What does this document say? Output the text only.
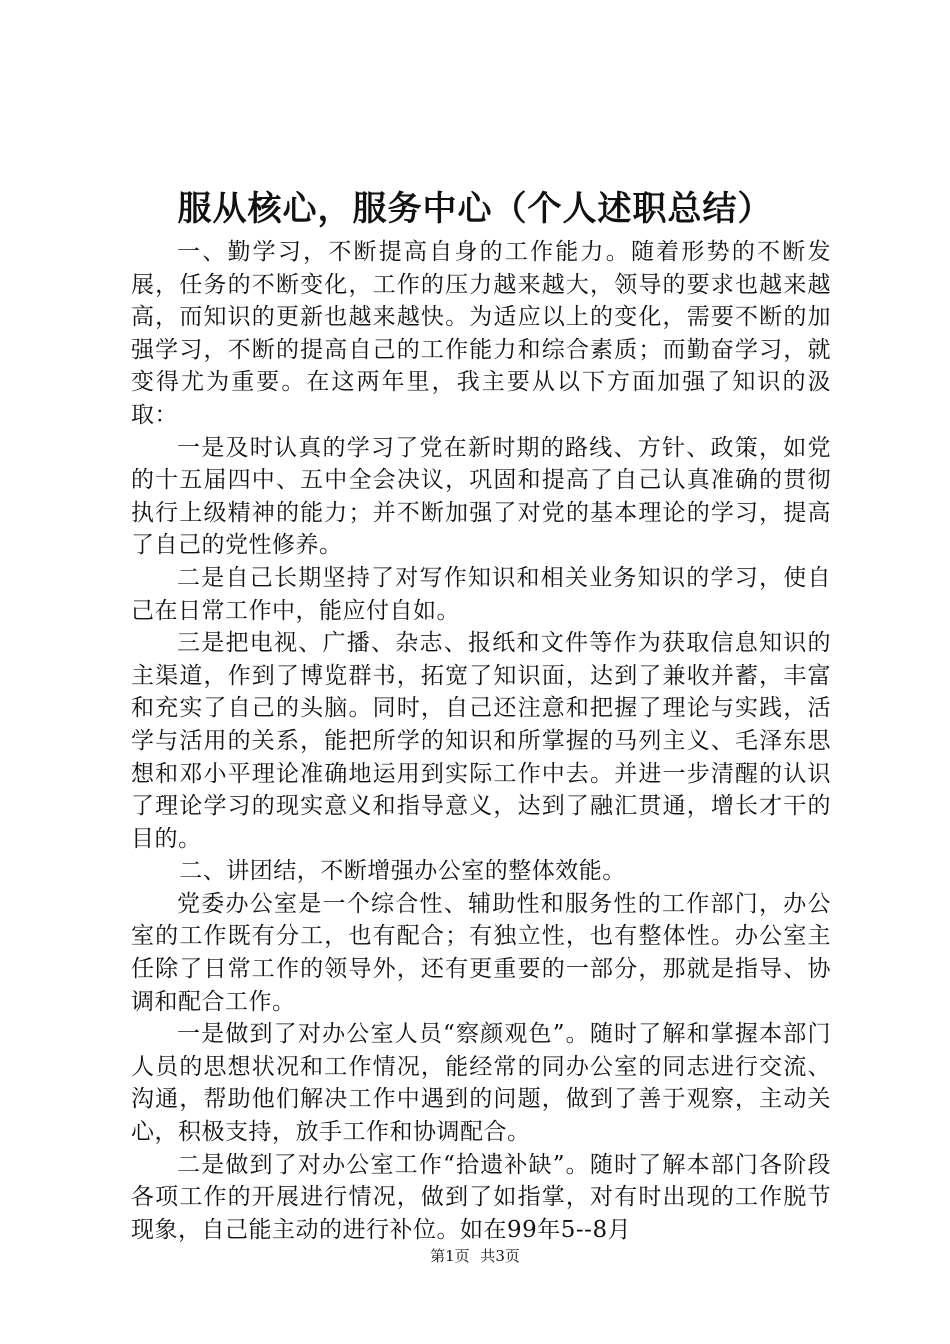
服从核心，服务中心（个人述职总结）

一、勤学习，不断提高自身的工作能力。随着形势的不断发展，任务的不断变化，工作的压力越来越大，领导的要求也越来越高，而知识的更新也越来越快。为适应以上的变化，需要不断的加强学习，不断的提高自己的工作能力和综合素质；而勤奋学习，就变得尤为重要。在这两年里，我主要从以下方面加强了知识的汲取：

一是及时认真的学习了党在新时期的路线、方针、政策，如党的十五届四中、五中全会决议，巩固和提高了自己认真准确的贯彻执行上级精神的能力；并不断加强了对党的基本理论的学习，提高了自己的党性修养。

二是自己长期坚持了对写作知识和相关业务知识的学习，使自己在日常工作中，能应付自如。

三是把电视、广播、杂志、报纸和文件等作为获取信息知识的主渠道，作到了博览群书，拓宽了知识面，达到了兼收并蓄，丰富和充实了自己的头脑。同时，自己还注意和把握了理论与实践，活学与活用的关系，能把所学的知识和所掌握的马列主义、毛泽东思想和邓小平理论准确地运用到实际工作中去。并进一步清醒的认识了理论学习的现实意义和指导意义，达到了融汇贯通，增长才干的目的。

二、讲团结，不断增强办公室的整体效能。

党委办公室是一个综合性、辅助性和服务性的工作部门，办公室的工作既有分工，也有配合；有独立性，也有整体性。办公室主任除了日常工作的领导外，还有更重要的一部分，那就是指导、协调和配合工作。

一是做到了对办公室人员“察颜观色”。随时了解和掌握本部门人员的思想状况和工作情况，能经常的同办公室的同志进行交流、沟通，帮助他们解决工作中遇到的问题，做到了善于观察，主动关心，积极支持，放手工作和协调配合。

二是做到了对办公室工作“拾遗补缺”。随时了解本部门各阶段各项工作的开展进行情况，做到了如指掌，对有时出现的工作脱节现象，自己能主动的进行补位。如在99年5--8月

第1页 共3页
